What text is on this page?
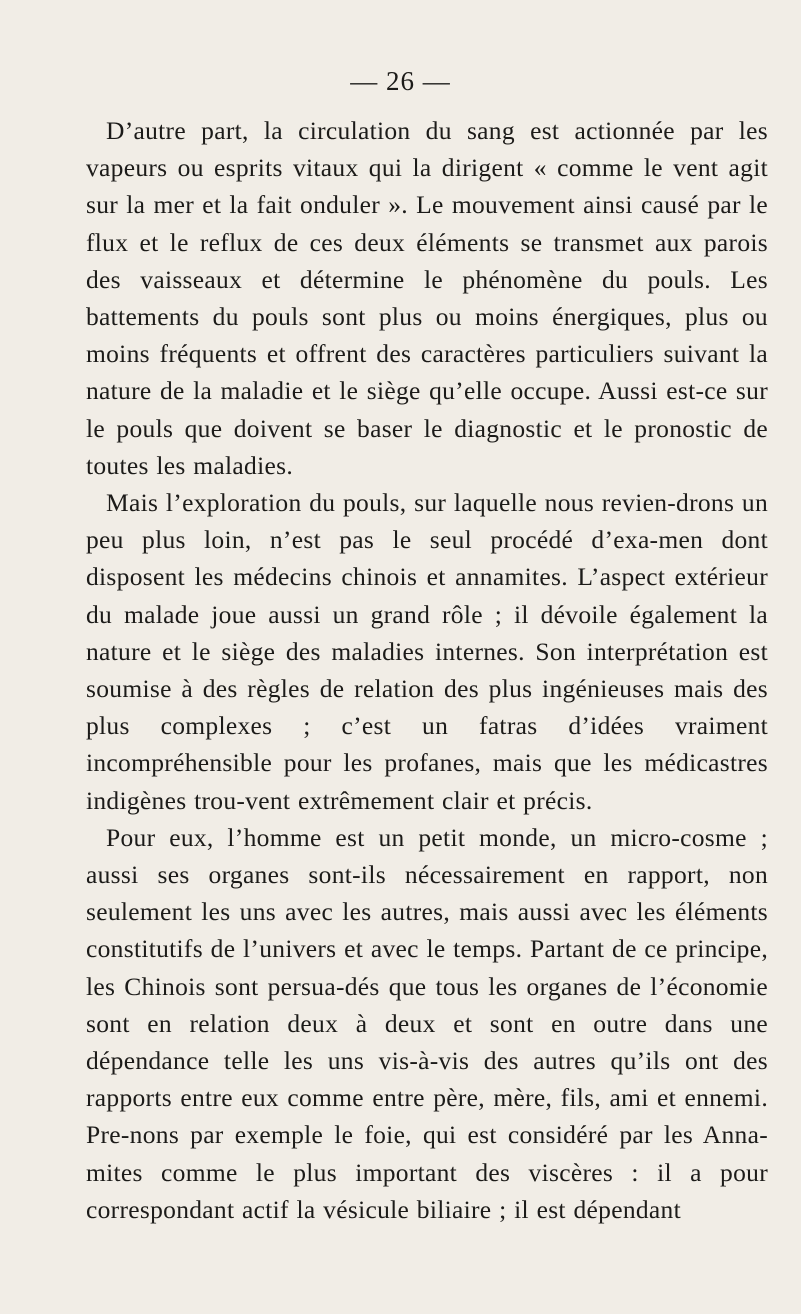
— 26 —

D’autre part, la circulation du sang est actionnée par les vapeurs ou esprits vitaux qui la dirigent « comme le vent agit sur la mer et la fait onduler ». Le mouvement ainsi causé par le flux et le reflux de ces deux éléments se transmet aux parois des vaisseaux et détermine le phénomène du pouls. Les battements du pouls sont plus ou moins énergiques, plus ou moins fréquents et offrent des caractères particuliers suivant la nature de la maladie et le siège qu’elle occupe. Aussi est-ce sur le pouls que doivent se baser le diagnostic et le pronostic de toutes les maladies.

Mais l’exploration du pouls, sur laquelle nous revien-drons un peu plus loin, n’est pas le seul procédé d’exa-men dont disposent les médecins chinois et annamites. L’aspect extérieur du malade joue aussi un grand rôle ; il dévoile également la nature et le siège des maladies internes. Son interprétation est soumise à des règles de relation des plus ingénieuses mais des plus complexes ; c’est un fatras d’idées vraiment incompréhensible pour les profanes, mais que les médicastres indigènes trou-vent extrêmement clair et précis.

Pour eux, l’homme est un petit monde, un micro-cosme ; aussi ses organes sont-ils nécessairement en rapport, non seulement les uns avec les autres, mais aussi avec les éléments constitutifs de l’univers et avec le temps. Partant de ce principe, les Chinois sont persua-dés que tous les organes de l’économie sont en relation deux à deux et sont en outre dans une dépendance telle les uns vis-à-vis des autres qu’ils ont des rapports entre eux comme entre père, mère, fils, ami et ennemi. Pre-nons par exemple le foie, qui est considéré par les Anna-mites comme le plus important des viscères : il a pour correspondant actif la vésicule biliaire ; il est dépendant
